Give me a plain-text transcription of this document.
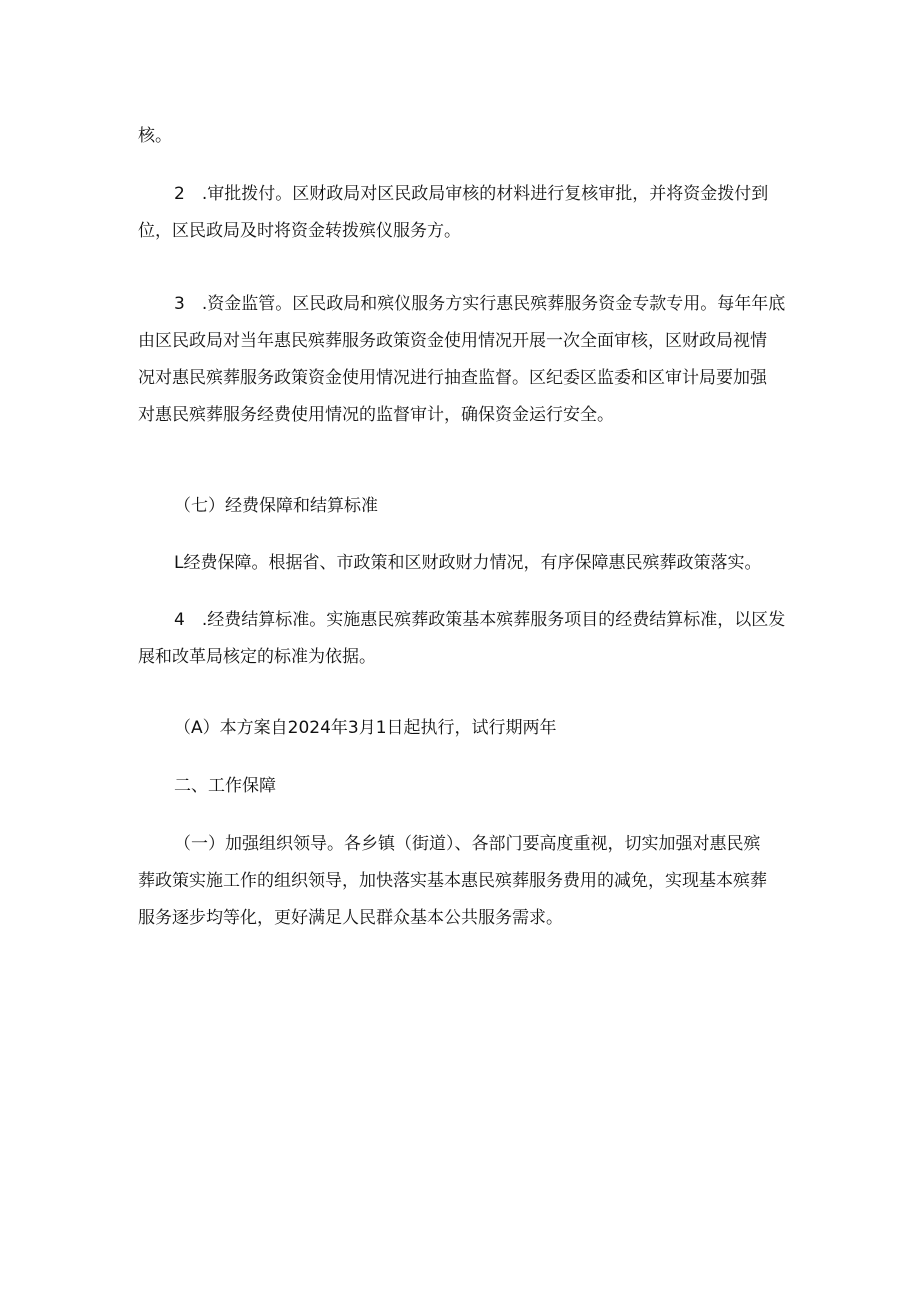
核。

2　.审批拨付。区财政局对区民政局审核的材料进行复核审批，并将资金拨付到
位，区民政局及时将资金转拨殡仪服务方。

3　.资金监管。区民政局和殡仪服务方实行惠民殡葬服务资金专款专用。每年年底
由区民政局对当年惠民殡葬服务政策资金使用情况开展一次全面审核，区财政局视情
况对惠民殡葬服务政策资金使用情况进行抽查监督。区纪委区监委和区审计局要加强
对惠民殡葬服务经费使用情况的监督审计，确保资金运行安全。

（七）经费保障和结算标准

L经费保障。根据省、市政策和区财政财力情况，有序保障惠民殡葬政策落实。

4　.经费结算标准。实施惠民殡葬政策基本殡葬服务项目的经费结算标准，以区发
展和改革局核定的标准为依据。

（A）本方案自2024年3月1日起执行，试行期两年

二、工作保障

（一）加强组织领导。各乡镇（街道）、各部门要高度重视，切实加强对惠民殡
葬政策实施工作的组织领导，加快落实基本惠民殡葬服务费用的减免，实现基本殡葬
服务逐步均等化，更好满足人民群众基本公共服务需求。
